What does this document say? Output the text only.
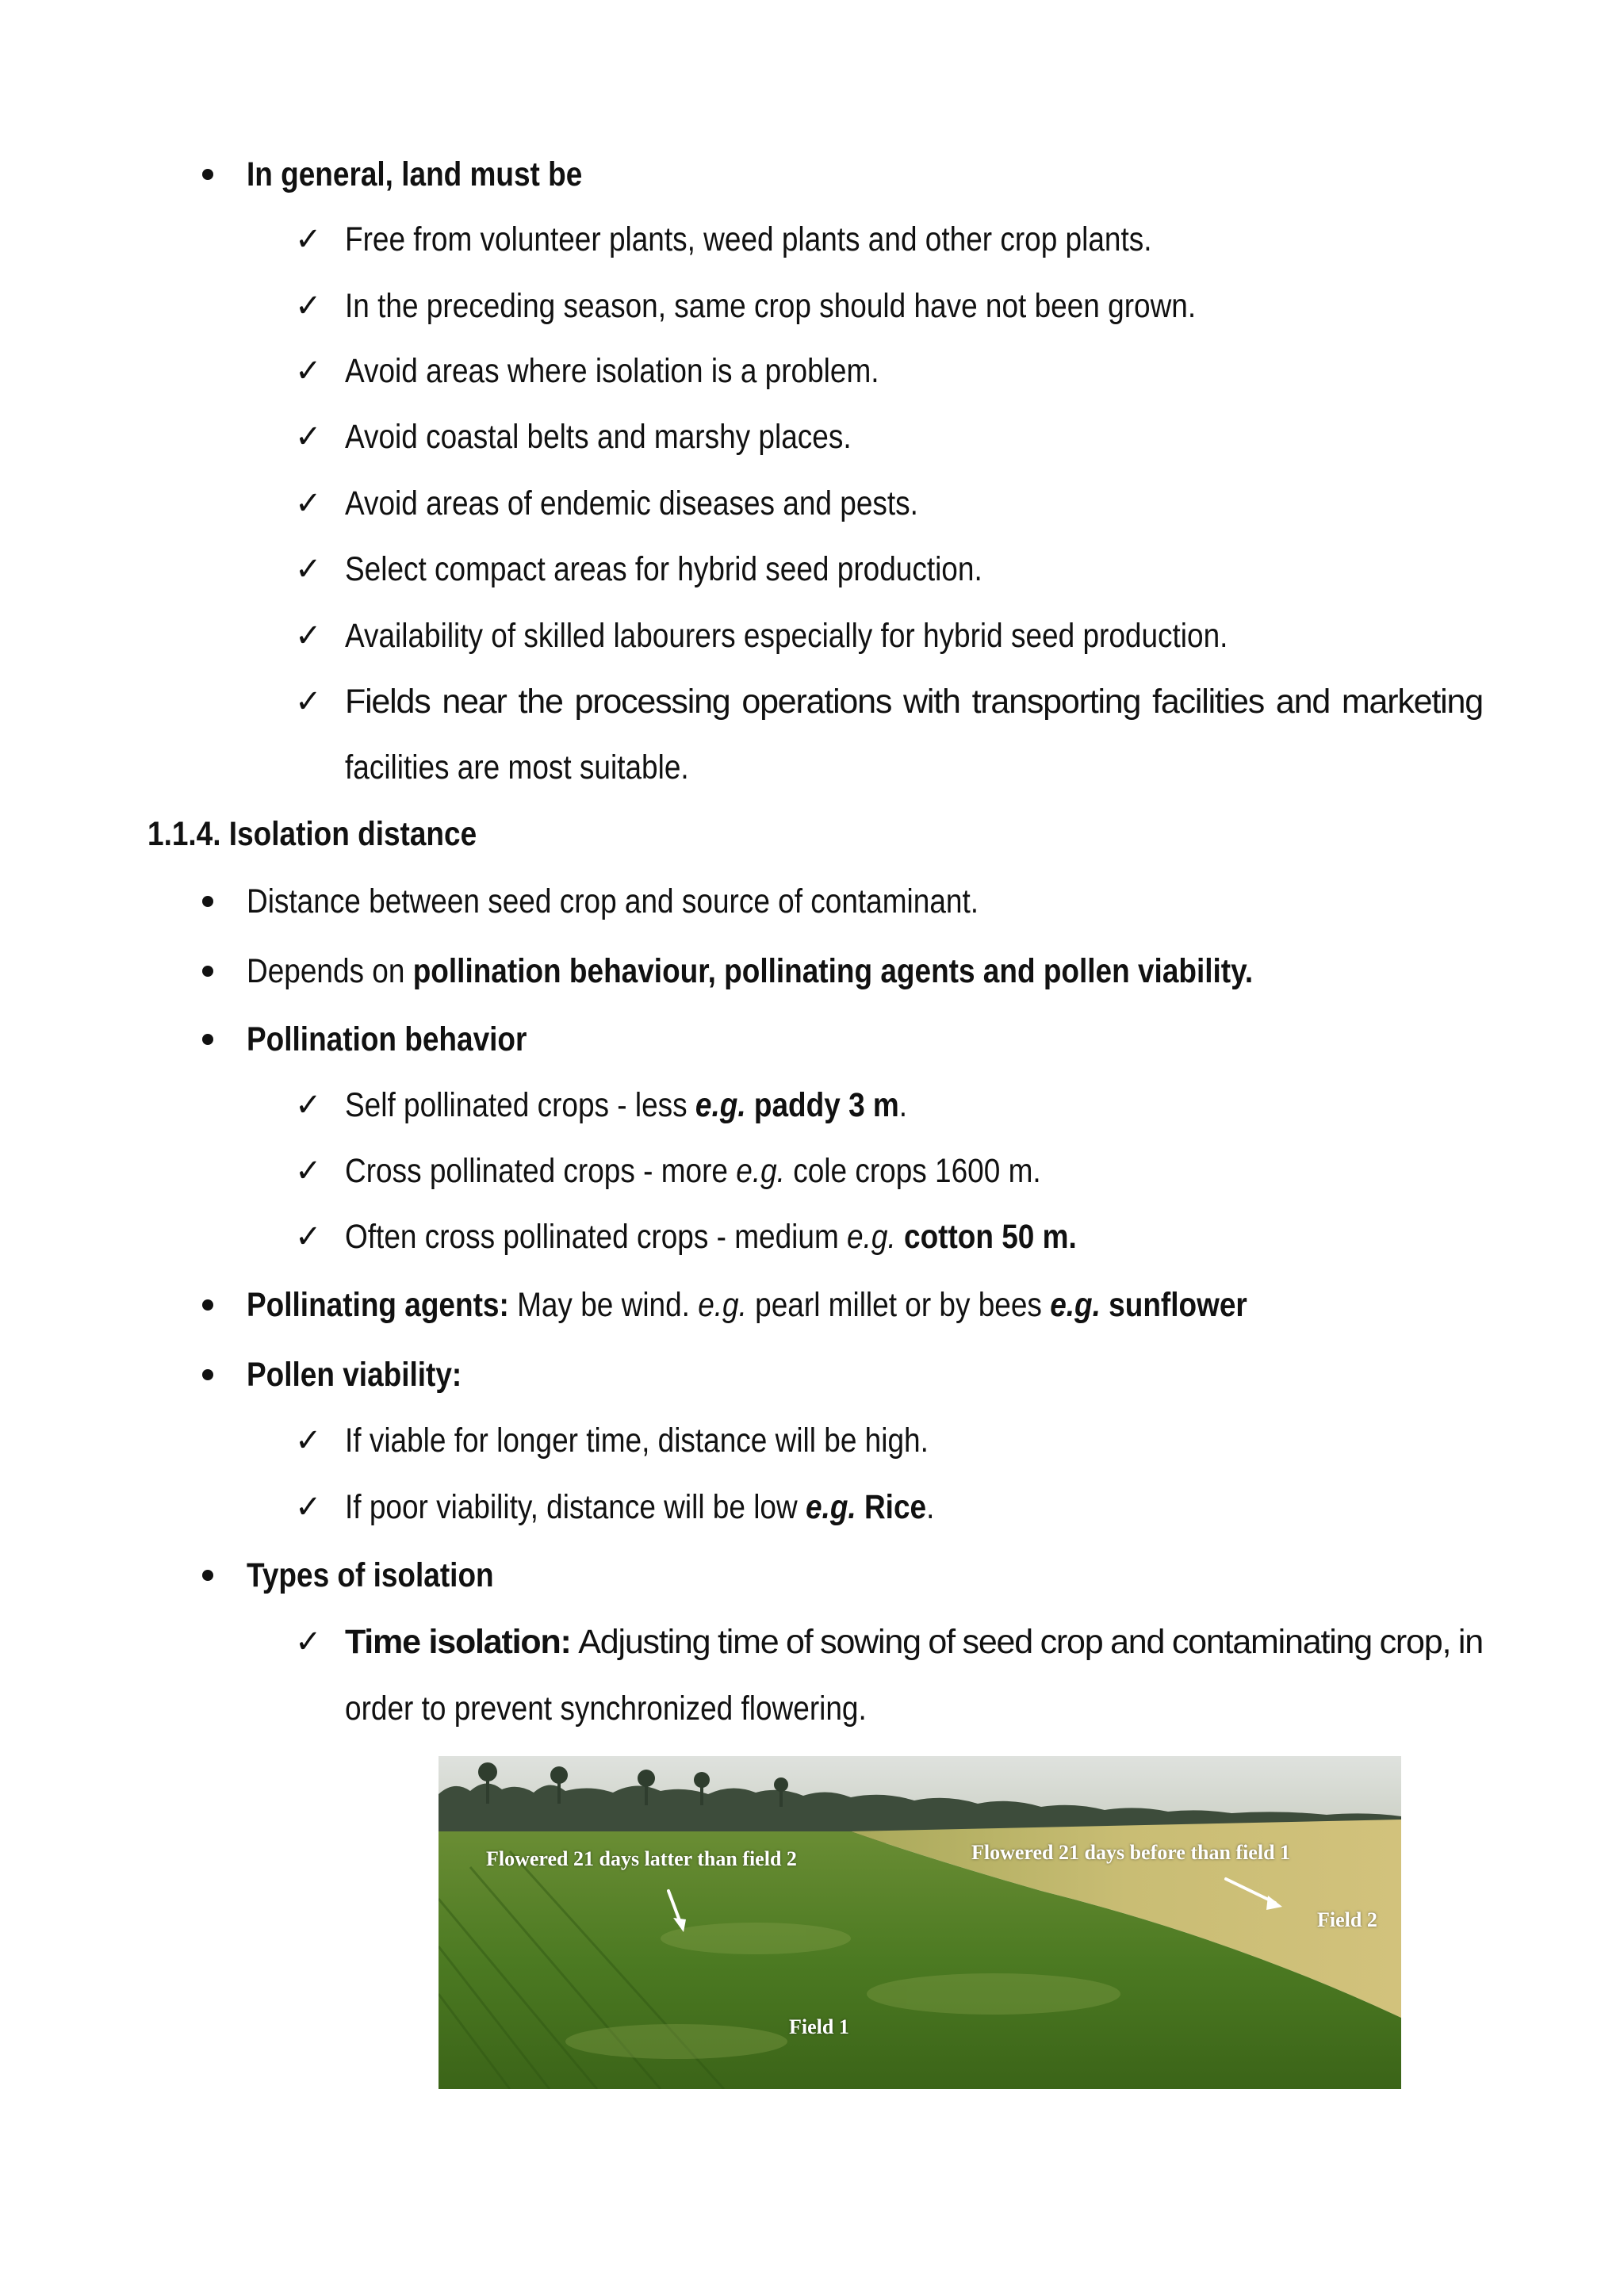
In general, land must be
✓ Free from volunteer plants, weed plants and other crop plants.
✓ In the preceding season, same crop should have not been grown.
✓ Avoid areas where isolation is a problem.
✓ Avoid coastal belts and marshy places.
✓ Avoid areas of endemic diseases and pests.
✓ Select compact areas for hybrid seed production.
✓ Availability of skilled labourers especially for hybrid seed production.
✓ Fields near the processing operations with transporting facilities and marketing
facilities are most suitable.
1.1.4. Isolation distance
Distance between seed crop and source of contaminant.
Depends on pollination behaviour, pollinating agents and pollen viability.
Pollination behavior
✓ Self pollinated crops - less e.g. paddy 3 m.
✓ Cross pollinated crops - more e.g. cole crops 1600 m.
✓ Often cross pollinated crops - medium e.g. cotton 50 m.
Pollinating agents: May be wind. e.g. pearl millet or by bees e.g. sunflower
Pollen viability:
✓ If viable for longer time, distance will be high.
✓ If poor viability, distance will be low e.g. Rice.
Types of isolation
✓ Time isolation: Adjusting time of sowing of seed crop and contaminating crop, in
order to prevent synchronized flowering.
Flowered 21 days latter than field 2	Flowered 21 days before than field 1
Field 2
Field 1
